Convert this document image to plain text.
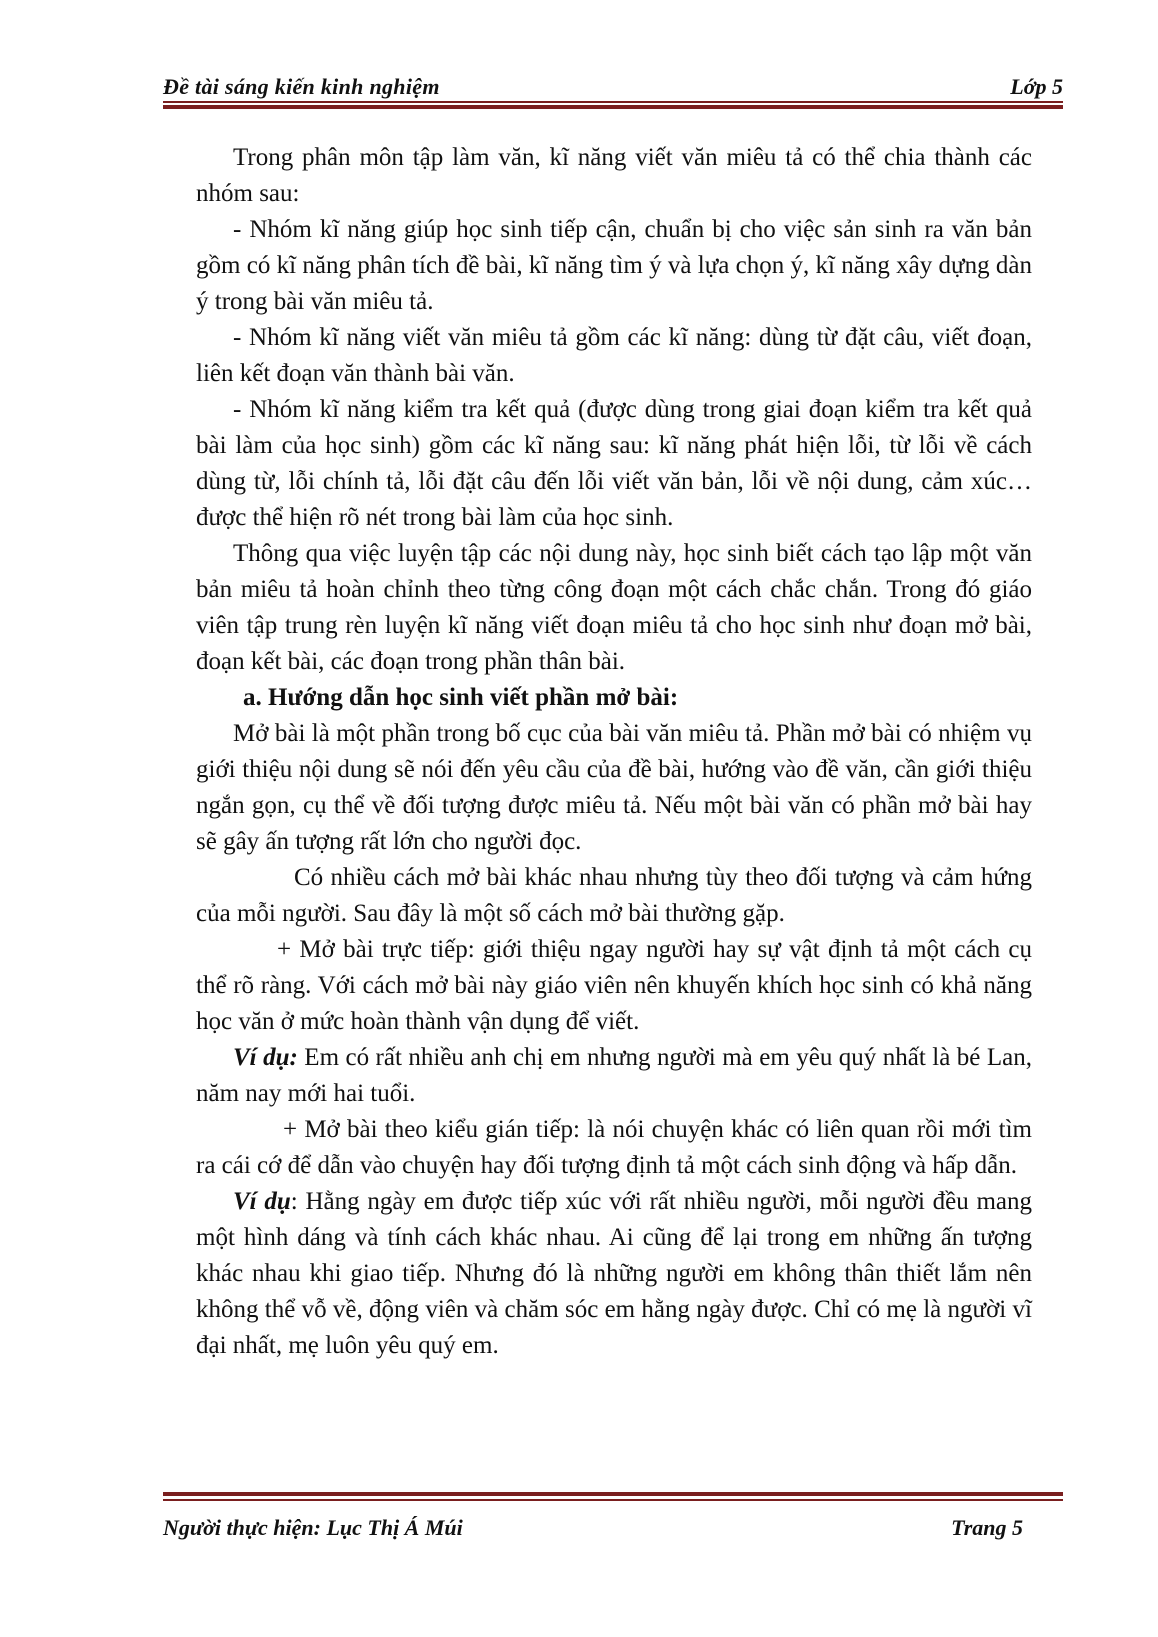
Đề tài sáng kiến kinh nghiệm	Lớp 5

Trong phân môn tập làm văn, kĩ năng viết văn miêu tả có thể chia thành các nhóm sau:

- Nhóm kĩ năng giúp học sinh tiếp cận, chuẩn bị cho việc sản sinh ra văn bản gồm có kĩ năng phân tích đề bài, kĩ năng tìm ý và lựa chọn ý, kĩ năng xây dựng dàn ý trong bài văn miêu tả.

- Nhóm kĩ năng viết văn miêu tả gồm các kĩ năng: dùng từ đặt câu, viết đoạn, liên kết đoạn văn thành bài văn.

- Nhóm kĩ năng kiểm tra kết quả (được dùng trong giai đoạn kiểm tra kết quả bài làm của học sinh) gồm các kĩ năng sau: kĩ năng phát hiện lỗi, từ lỗi về cách dùng từ, lỗi chính tả, lỗi đặt câu đến lỗi viết văn bản, lỗi về nội dung, cảm xúc… được thể hiện rõ nét trong bài làm của học sinh.

Thông qua việc luyện tập các nội dung này, học sinh biết cách tạo lập một văn bản miêu tả hoàn chỉnh theo từng công đoạn một cách chắc chắn. Trong đó giáo viên tập trung rèn luyện kĩ năng viết đoạn miêu tả cho học sinh như đoạn mở bài, đoạn kết bài, các đoạn trong phần thân bài.

a. Hướng dẫn học sinh viết phần mở bài:

Mở bài là một phần trong bố cục của bài văn miêu tả. Phần mở bài có nhiệm vụ giới thiệu nội dung sẽ nói đến yêu cầu của đề bài, hướng vào đề văn, cần giới thiệu ngắn gọn, cụ thể về đối tượng được miêu tả. Nếu một bài văn có phần mở bài hay sẽ gây ấn tượng rất lớn cho người đọc.

Có nhiều cách mở bài khác nhau nhưng tùy theo đối tượng và cảm hứng của mỗi người. Sau đây là một số cách mở bài thường gặp.

+ Mở bài trực tiếp: giới thiệu ngay người hay sự vật định tả một cách cụ thể rõ ràng. Với cách mở bài này giáo viên nên khuyến khích học sinh có khả năng học văn ở mức hoàn thành vận dụng để viết.

Ví dụ: Em có rất nhiều anh chị em nhưng người mà em yêu quý nhất là bé Lan, năm nay mới hai tuổi.

+ Mở bài theo kiểu gián tiếp: là nói chuyện khác có liên quan rồi mới tìm ra cái cớ để dẫn vào chuyện hay đối tượng định tả một cách sinh động và hấp dẫn.

Ví dụ: Hằng ngày em được tiếp xúc với rất nhiều người, mỗi người đều mang một hình dáng và tính cách khác nhau. Ai cũng để lại trong em những ấn tượng khác nhau khi giao tiếp. Nhưng đó là những người em không thân thiết lắm nên không thể vỗ về, động viên và chăm sóc em hằng ngày được. Chỉ có mẹ là người vĩ đại nhất, mẹ luôn yêu quý em.

Người thực hiện: Lục Thị Á Múi	Trang 5
